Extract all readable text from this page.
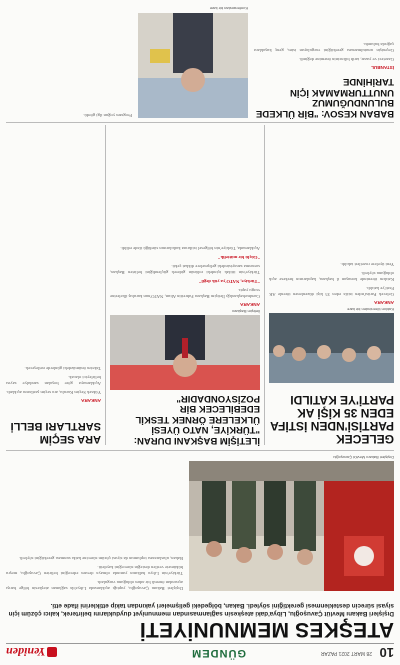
10
28 MART 2021 PAZAR
GÜNDEM
Yeniden
ATEŞKES MEMNUNİYETİ
Dışişleri Bakanı Mevlüt Çavuşoğlu, Libya'daki ateşkesin sağlanmasından memnuniyet duyduklarını belirterek, kalıcı çözüm için siyasi sürecin desteklenmesi gerektiğini söyledi. Bakan, bölgedeki gelişmeleri yakından takip ettiklerini ifade etti.
Dışişleri Bakanı Mevlüt Çavuşoğlu

Dışişleri Bakanı Çavuşoğlu, yaptığı açıklamada Libya'da sağlanan ateşkesin bölge barışı açısından önemli bir adım olduğunu vurguladı.

Türkiye'nin Libya halkının yanında olmaya devam edeceğini belirten Çavuşoğlu, meşru hükümete verilen desteğin süreceğini kaydetti.

Bakan, uluslararası toplumun da siyasi çözüm sürecine katkı sunması gerektiğini söyledi.

GELECEK PARTİSİ'NDEN İSTİFA EDEN 35 KİŞİ AK PARTİ'YE KATILDI
Katılım töreninden bir kare

ANKARA

Gelecek Partisi'nden istifa eden 35 kişi düzenlenen törenle AK Parti'ye katıldı.

Katılım töreninde konuşan il başkanı, kapılarının herkese açık olduğunu söyledi.

Yeni üyelere rozetleri takıldı.

İLETİŞİM BAŞKANI DURAN: "TÜRKİYE, NATO ÜYESİ ÜLKELERE ÖRNEK TESKİL EDEBİLECEK BİR POZİSYONDADIR"
İletişim Başkanı

ANKARA

Cumhurbaşkanlığı İletişim Başkanı Fahrettin Altun, NATO'nun kuruluş ilkelerine vurgu yaptı.

"Türkiye, NATO'ya yük değil"

Türkiye'nin ittifak içindeki rolünün giderek güçlendiğini belirten Başkan, savunma sanayisindeki gelişmelere dikkat çekti.

"Güçlü bir müttefik"

Açıklamada, Türkiye'nin bölgesel istikrara katkılarının sürdüğü ifade edildi.

ARA SEÇİM SARTLARI BELLİ

ANKARA

Yüksek Seçim Kurulu, ara seçim şartlarını açıkladı.

Açıklamaya göre boşalan sandalye sayısı belirleyici olacak.

Takvim önümüzdeki günlerde netleşecek.

BABAN KESOV: "BİR ÜLKEDE BULUNDUĞUMUZ UNUTTURMAMAK İÇİN TARİHİNDE

İSTANBUL

Gazeteci ve yazar, tarih bilincinin önemine değindi.

Geçmişin unutulmaması gerektiğini vurgulayan isim, genç kuşaklara çağrıda bulundu.

Konferanstan bir kare

Program yoğun ilgi gördü.
